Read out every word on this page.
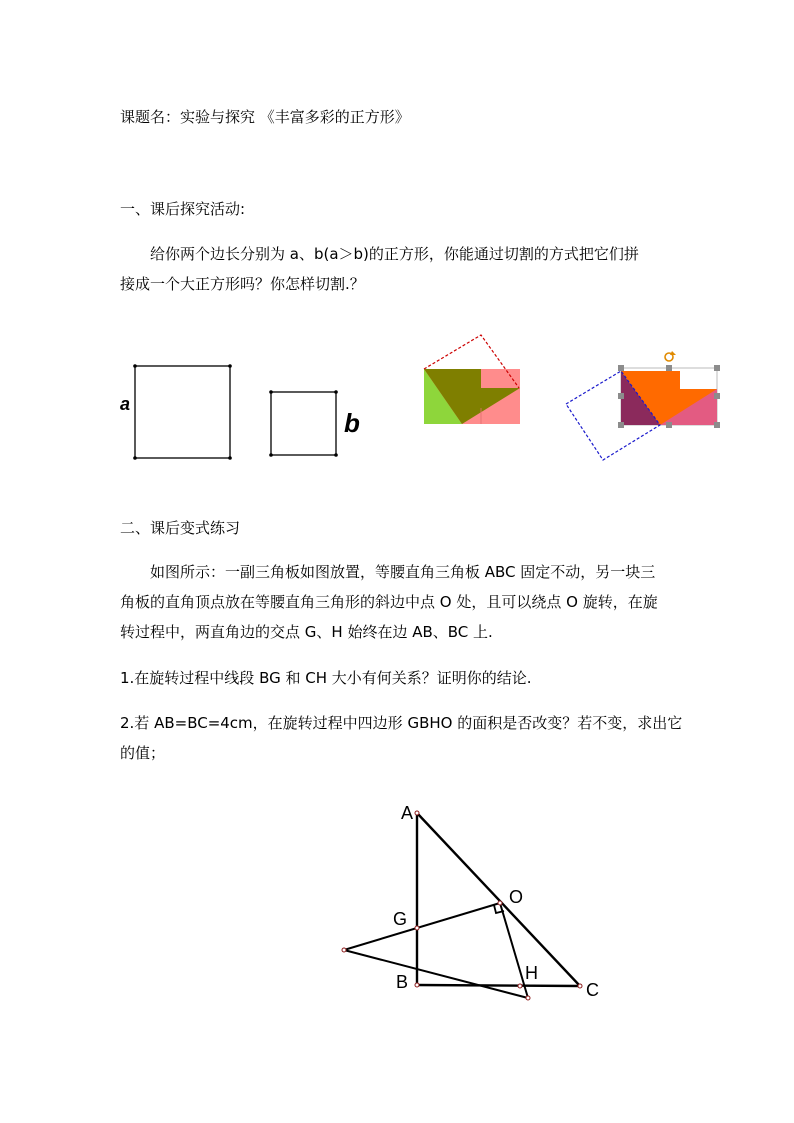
课题名：实验与探究 《丰富多彩的正方形》
一、课后探究活动:
给你两个边长分别为 a、b(a＞b)的正方形，你能通过切割的方式把它们拼
接成一个大正方形吗？你怎样切割.？
a
b
二、课后变式练习
如图所示：一副三角板如图放置，等腰直角三角板 ABC 固定不动，另一块三
角板的直角顶点放在等腰直角三角形的斜边中点 O 处，且可以绕点 O 旋转，在旋
转过程中，两直角边的交点 G、H 始终在边 AB、BC 上.
1.在旋转过程中线段 BG 和 CH 大小有何关系？证明你的结论.
2.若 AB=BC=4cm，在旋转过程中四边形 GBHO 的面积是否改变？若不变，求出它
的值；
A
B	C
G
O
H
